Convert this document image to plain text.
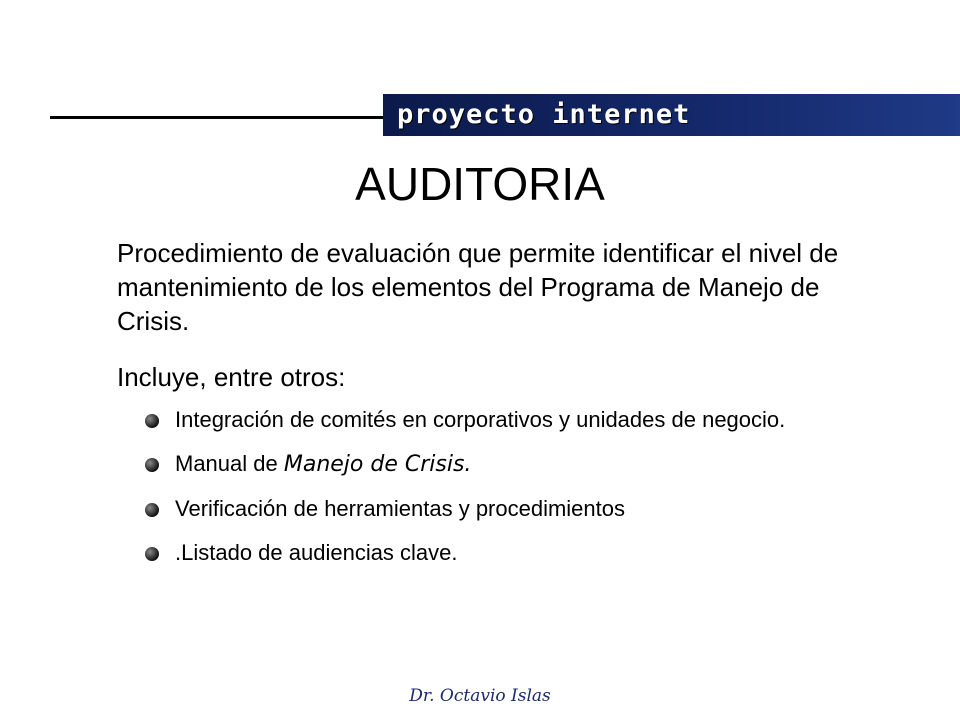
proyecto internet
AUDITORIA
Procedimiento de evaluación que permite identificar el nivel de mantenimiento de los elementos del Programa de Manejo de Crisis.
Incluye, entre otros:
Integración de comités en corporativos y unidades de negocio.
Manual de Manejo de Crisis.
Verificación de herramientas y procedimientos
.Listado de audiencias clave.
Dr. Octavio Islas
